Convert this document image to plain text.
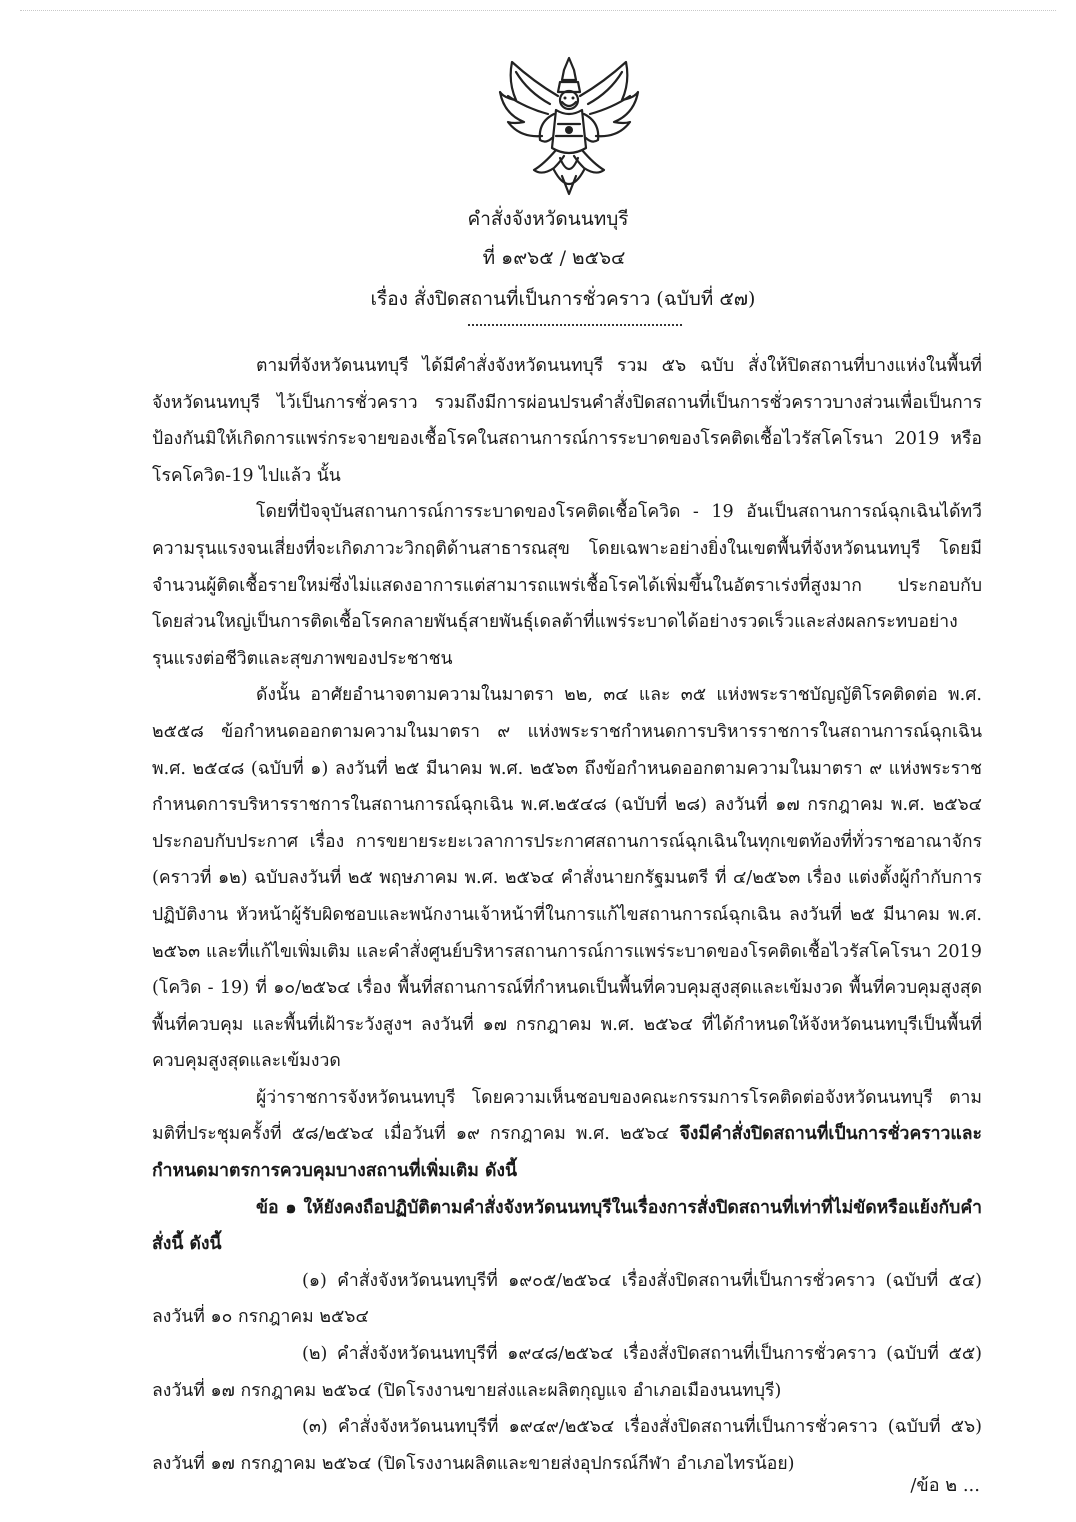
คำสั่งจังหวัดนนทบุรี
ที่ ๑๙๖๕ / ๒๕๖๔
เรื่อง สั่งปิดสถานที่เป็นการชั่วคราว (ฉบับที่ ๕๗)

ตามที่จังหวัดนนทบุรี ได้มีคำสั่งจังหวัดนนทบุรี รวม ๕๖ ฉบับ สั่งให้ปิดสถานที่บางแห่งในพื้นที่จังหวัดนนทบุรี ไว้เป็นการชั่วคราว รวมถึงมีการผ่อนปรนคำสั่งปิดสถานที่เป็นการชั่วคราวบางส่วนเพื่อเป็นการป้องกันมิให้เกิดการแพร่กระจายของเชื้อโรคในสถานการณ์การระบาดของโรคติดเชื้อไวรัสโคโรนา 2019 หรือโรคโควิด-19 ไปแล้ว นั้น

โดยที่ปัจจุบันสถานการณ์การระบาดของโรคติดเชื้อโควิด - 19 อันเป็นสถานการณ์ฉุกเฉินได้ทวีความรุนแรงจนเสี่ยงที่จะเกิดภาวะวิกฤติด้านสาธารณสุข โดยเฉพาะอย่างยิ่งในเขตพื้นที่จังหวัดนนทบุรี โดยมีจำนวนผู้ติดเชื้อรายใหม่ซึ่งไม่แสดงอาการแต่สามารถแพร่เชื้อโรคได้เพิ่มขึ้นในอัตราเร่งที่สูงมาก ประกอบกับโดยส่วนใหญ่เป็นการติดเชื้อโรคกลายพันธุ์สายพันธุ์เดลต้าที่แพร่ระบาดได้อย่างรวดเร็วและส่งผลกระทบอย่างรุนแรงต่อชีวิตและสุขภาพของประชาชน

ดังนั้น อาศัยอำนาจตามความในมาตรา ๒๒, ๓๔ และ ๓๕ แห่งพระราชบัญญัติโรคติดต่อ พ.ศ. ๒๕๕๘ ข้อกำหนดออกตามความในมาตรา ๙ แห่งพระราชกำหนดการบริหารราชการในสถานการณ์ฉุกเฉิน พ.ศ. ๒๕๔๘ (ฉบับที่ ๑) ลงวันที่ ๒๕ มีนาคม พ.ศ. ๒๕๖๓ ถึงข้อกำหนดออกตามความในมาตรา ๙ แห่งพระราชกำหนดการบริหารราชการในสถานการณ์ฉุกเฉิน พ.ศ.๒๕๔๘ (ฉบับที่ ๒๘) ลงวันที่ ๑๗ กรกฎาคม พ.ศ. ๒๕๖๔ ประกอบกับประกาศ เรื่อง การขยายระยะเวลาการประกาศสถานการณ์ฉุกเฉินในทุกเขตท้องที่ทั่วราชอาณาจักร (คราวที่ ๑๒) ฉบับลงวันที่ ๒๕ พฤษภาคม พ.ศ. ๒๕๖๔ คำสั่งนายกรัฐมนตรี ที่ ๔/๒๕๖๓ เรื่อง แต่งตั้งผู้กำกับการปฏิบัติงาน หัวหน้าผู้รับผิดชอบและพนักงานเจ้าหน้าที่ในการแก้ไขสถานการณ์ฉุกเฉิน ลงวันที่ ๒๕ มีนาคม พ.ศ. ๒๕๖๓ และที่แก้ไขเพิ่มเติม และคำสั่งศูนย์บริหารสถานการณ์การแพร่ระบาดของโรคติดเชื้อไวรัสโคโรนา 2019 (โควิด - 19) ที่ ๑๐/๒๕๖๔ เรื่อง พื้นที่สถานการณ์ที่กำหนดเป็นพื้นที่ควบคุมสูงสุดและเข้มงวด พื้นที่ควบคุมสูงสุด พื้นที่ควบคุม และพื้นที่เฝ้าระวังสูงฯ ลงวันที่ ๑๗ กรกฎาคม พ.ศ. ๒๕๖๔ ที่ได้กำหนดให้จังหวัดนนทบุรีเป็นพื้นที่ควบคุมสูงสุดและเข้มงวด

ผู้ว่าราชการจังหวัดนนทบุรี โดยความเห็นชอบของคณะกรรมการโรคติดต่อจังหวัดนนทบุรี ตามมติที่ประชุมครั้งที่ ๕๘/๒๕๖๔ เมื่อวันที่ ๑๙ กรกฎาคม พ.ศ. ๒๕๖๔ จึงมีคำสั่งปิดสถานที่เป็นการชั่วคราวและกำหนดมาตรการควบคุมบางสถานที่เพิ่มเติม ดังนี้

ข้อ ๑ ให้ยังคงถือปฏิบัติตามคำสั่งจังหวัดนนทบุรีในเรื่องการสั่งปิดสถานที่เท่าที่ไม่ขัดหรือแย้งกับคำสั่งนี้ ดังนี้

(๑) คำสั่งจังหวัดนนทบุรีที่ ๑๙๐๕/๒๕๖๔ เรื่องสั่งปิดสถานที่เป็นการชั่วคราว (ฉบับที่ ๕๔) ลงวันที่ ๑๐ กรกฎาคม ๒๕๖๔

(๒) คำสั่งจังหวัดนนทบุรีที่ ๑๙๔๘/๒๕๖๔ เรื่องสั่งปิดสถานที่เป็นการชั่วคราว (ฉบับที่ ๕๕) ลงวันที่ ๑๗ กรกฎาคม ๒๕๖๔ (ปิดโรงงานขายส่งและผลิตกุญแจ อำเภอเมืองนนทบุรี)

(๓) คำสั่งจังหวัดนนทบุรีที่ ๑๙๔๙/๒๕๖๔ เรื่องสั่งปิดสถานที่เป็นการชั่วคราว (ฉบับที่ ๕๖) ลงวันที่ ๑๗ กรกฎาคม ๒๕๖๔ (ปิดโรงงานผลิตและขายส่งอุปกรณ์กีฬา อำเภอไทรน้อย)

/ข้อ ๒ ...
